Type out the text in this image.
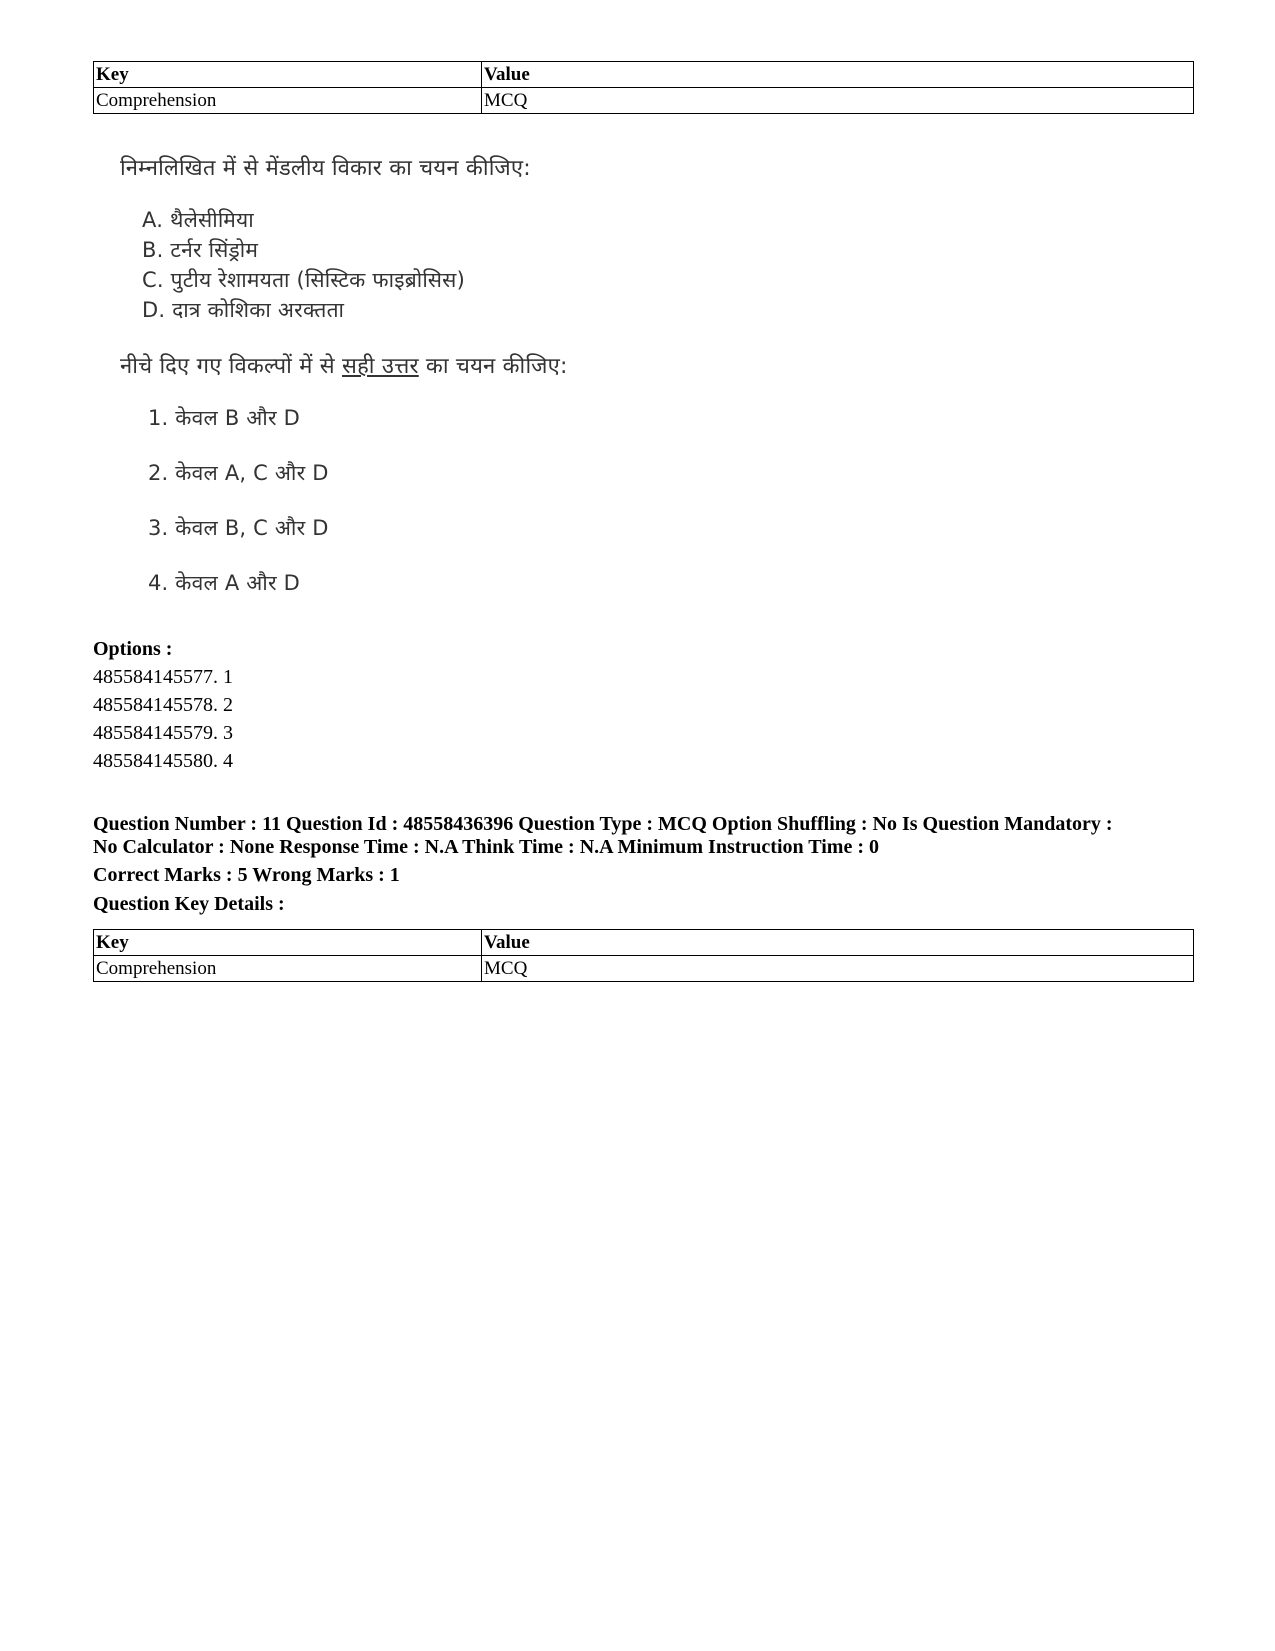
Key	Value
Comprehension	MCQ
निम्नलिखित में से मेंडलीय विकार का चयन कीजिए:
A. थैलेसीमिया
B. टर्नर सिंड्रोम
C. पुटीय रेशामयता (सिस्टिक फाइब्रोसिस)
D. दात्र कोशिका अरक्तता
नीचे दिए गए विकल्पों में से सही उत्तर का चयन कीजिए:
1. केवल B और D
2. केवल A, C और D
3. केवल B, C और D
4. केवल A और D
Options :
485584145577. 1
485584145578. 2
485584145579. 3
485584145580. 4
Question Number : 11 Question Id : 48558436396 Question Type : MCQ Option Shuffling : No Is Question Mandatory :
No Calculator : None Response Time : N.A Think Time : N.A Minimum Instruction Time : 0
Correct Marks : 5 Wrong Marks : 1
Question Key Details :
Key	Value
Comprehension	MCQ
